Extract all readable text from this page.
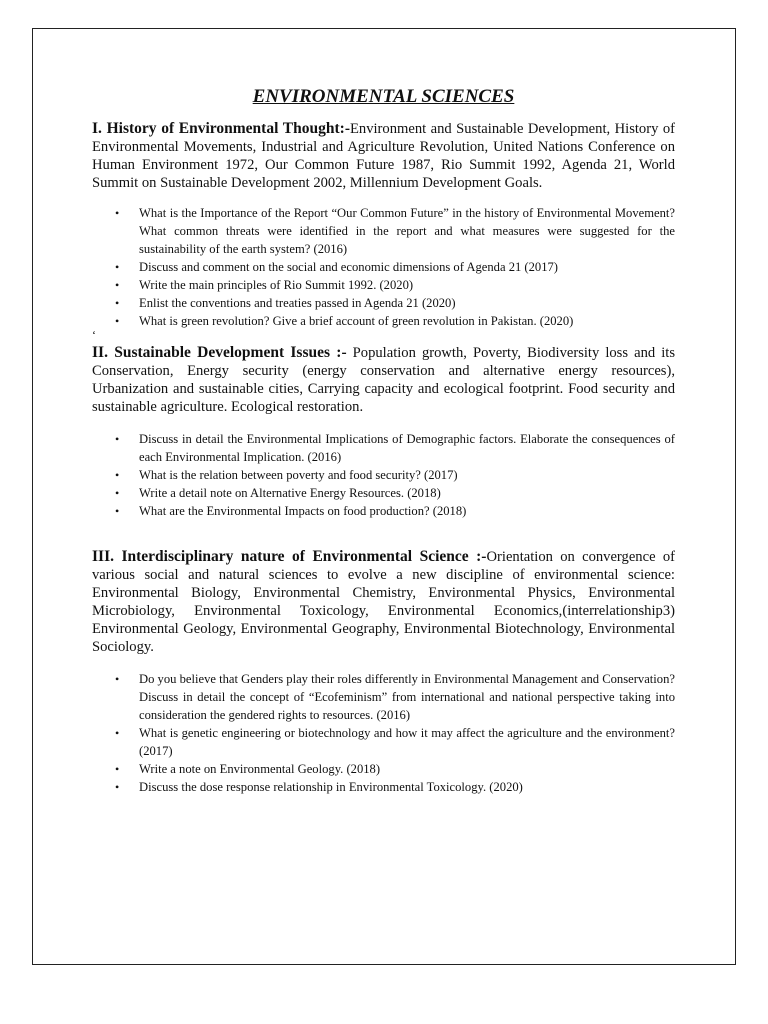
ENVIRONMENTAL SCIENCES

I. History of Environmental Thought:-Environment and Sustainable Development, History of Environmental Movements, Industrial and Agriculture Revolution, United Nations Conference on Human Environment 1972, Our Common Future 1987, Rio Summit 1992, Agenda 21, World Summit on Sustainable Development 2002, Millennium Development Goals.

• What is the Importance of the Report “Our Common Future” in the history of Environmental Movement? What common threats were identified in the report and what measures were suggested for the sustainability of the earth system? (2016)
• Discuss and comment on the social and economic dimensions of Agenda 21 (2017)
• Write the main principles of Rio Summit 1992. (2020)
• Enlist the conventions and treaties passed in Agenda 21 (2020)
• What is green revolution? Give a brief account of green revolution in Pakistan. (2020)
ʻ

II. Sustainable Development Issues :- Population growth, Poverty, Biodiversity loss and its Conservation, Energy security (energy conservation and alternative energy resources), Urbanization and sustainable cities, Carrying capacity and ecological footprint. Food security and sustainable agriculture. Ecological restoration.

• Discuss in detail the Environmental Implications of Demographic factors. Elaborate the consequences of each Environmental Implication. (2016)
• What is the relation between poverty and food security? (2017)
• Write a detail note on Alternative Energy Resources. (2018)
• What are the Environmental Impacts on food production? (2018)

III. Interdisciplinary nature of Environmental Science :-Orientation on convergence of various social and natural sciences to evolve a new discipline of environmental science: Environmental Biology, Environmental Chemistry, Environmental Physics, Environmental Microbiology, Environmental Toxicology, Environmental Economics,(interrelationship3) Environmental Geology, Environmental Geography, Environmental Biotechnology, Environmental Sociology.

• Do you believe that Genders play their roles differently in Environmental Management and Conservation? Discuss in detail the concept of “Ecofeminism” from international and national perspective taking into consideration the gendered rights to resources. (2016)
• What is genetic engineering or biotechnology and how it may affect the agriculture and the environment? (2017)
• Write a note on Environmental Geology. (2018)
• Discuss the dose response relationship in Environmental Toxicology. (2020)
